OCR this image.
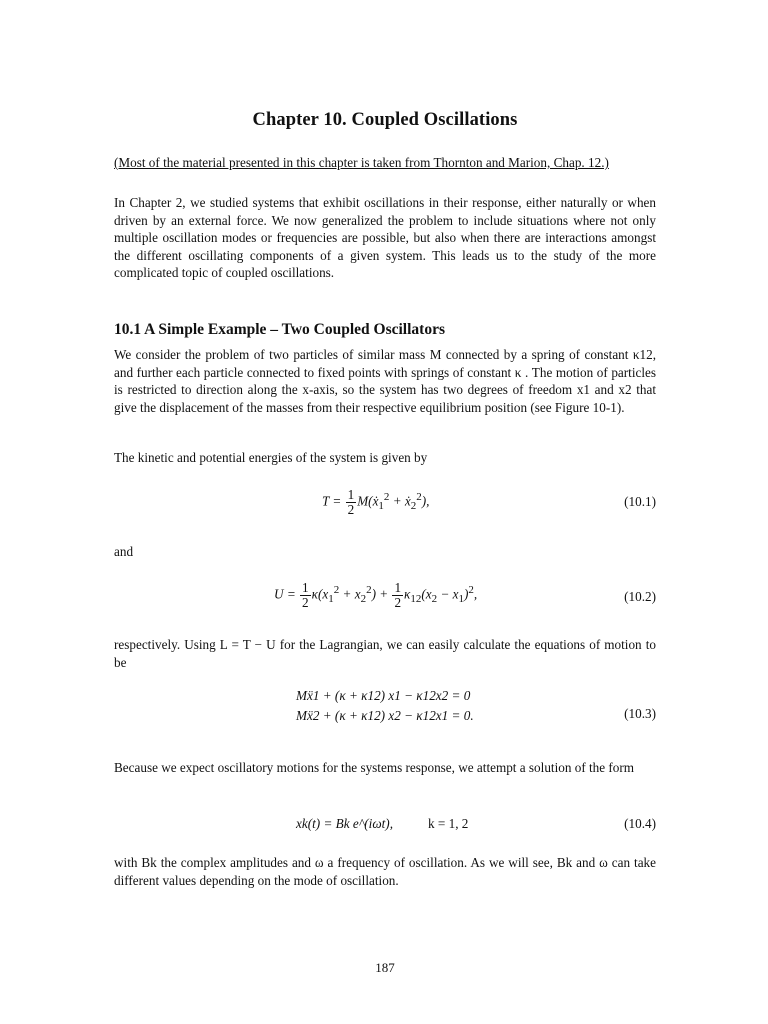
Chapter 10. Coupled Oscillations
(Most of the material presented in this chapter is taken from Thornton and Marion, Chap. 12.)
In Chapter 2, we studied systems that exhibit oscillations in their response, either naturally or when driven by an external force. We now generalized the problem to include situations where not only multiple oscillation modes or frequencies are possible, but also when there are interactions amongst the different oscillating components of a given system. This leads us to the study of the more complicated topic of coupled oscillations.
10.1 A Simple Example – Two Coupled Oscillators
We consider the problem of two particles of similar mass M connected by a spring of constant κ12, and further each particle connected to fixed points with springs of constant κ . The motion of particles is restricted to direction along the x-axis, so the system has two degrees of freedom x1 and x2 that give the displacement of the masses from their respective equilibrium position (see Figure 10-1).
The kinetic and potential energies of the system is given by
$T = \frac{1}{2}$ M(ẋ$_1^2$ + ẋ$_2^2$),	(10.1)
and
$U = \frac{1}{2} \kappa(x_1^2 + x_2^2) + \frac{1}{2} \kappa_{12}(x_2 - x_1)^2$,	(10.2)
respectively. Using L = T − U for the Lagrangian, we can easily calculate the equations of motion to be
Mẍ1 + (κ + κ12) x1 − κ12x2 = 0
Mẍ2 + (κ + κ12) x2 − κ12x1 = 0.	(10.3)
Because we expect oscillatory motions for the systems response, we attempt a solution of the form
xk(t) = Bk e^(iωt),	k = 1, 2	(10.4)
with Bk the complex amplitudes and ω a frequency of oscillation. As we will see, Bk and ω can take different values depending on the mode of oscillation.
187
